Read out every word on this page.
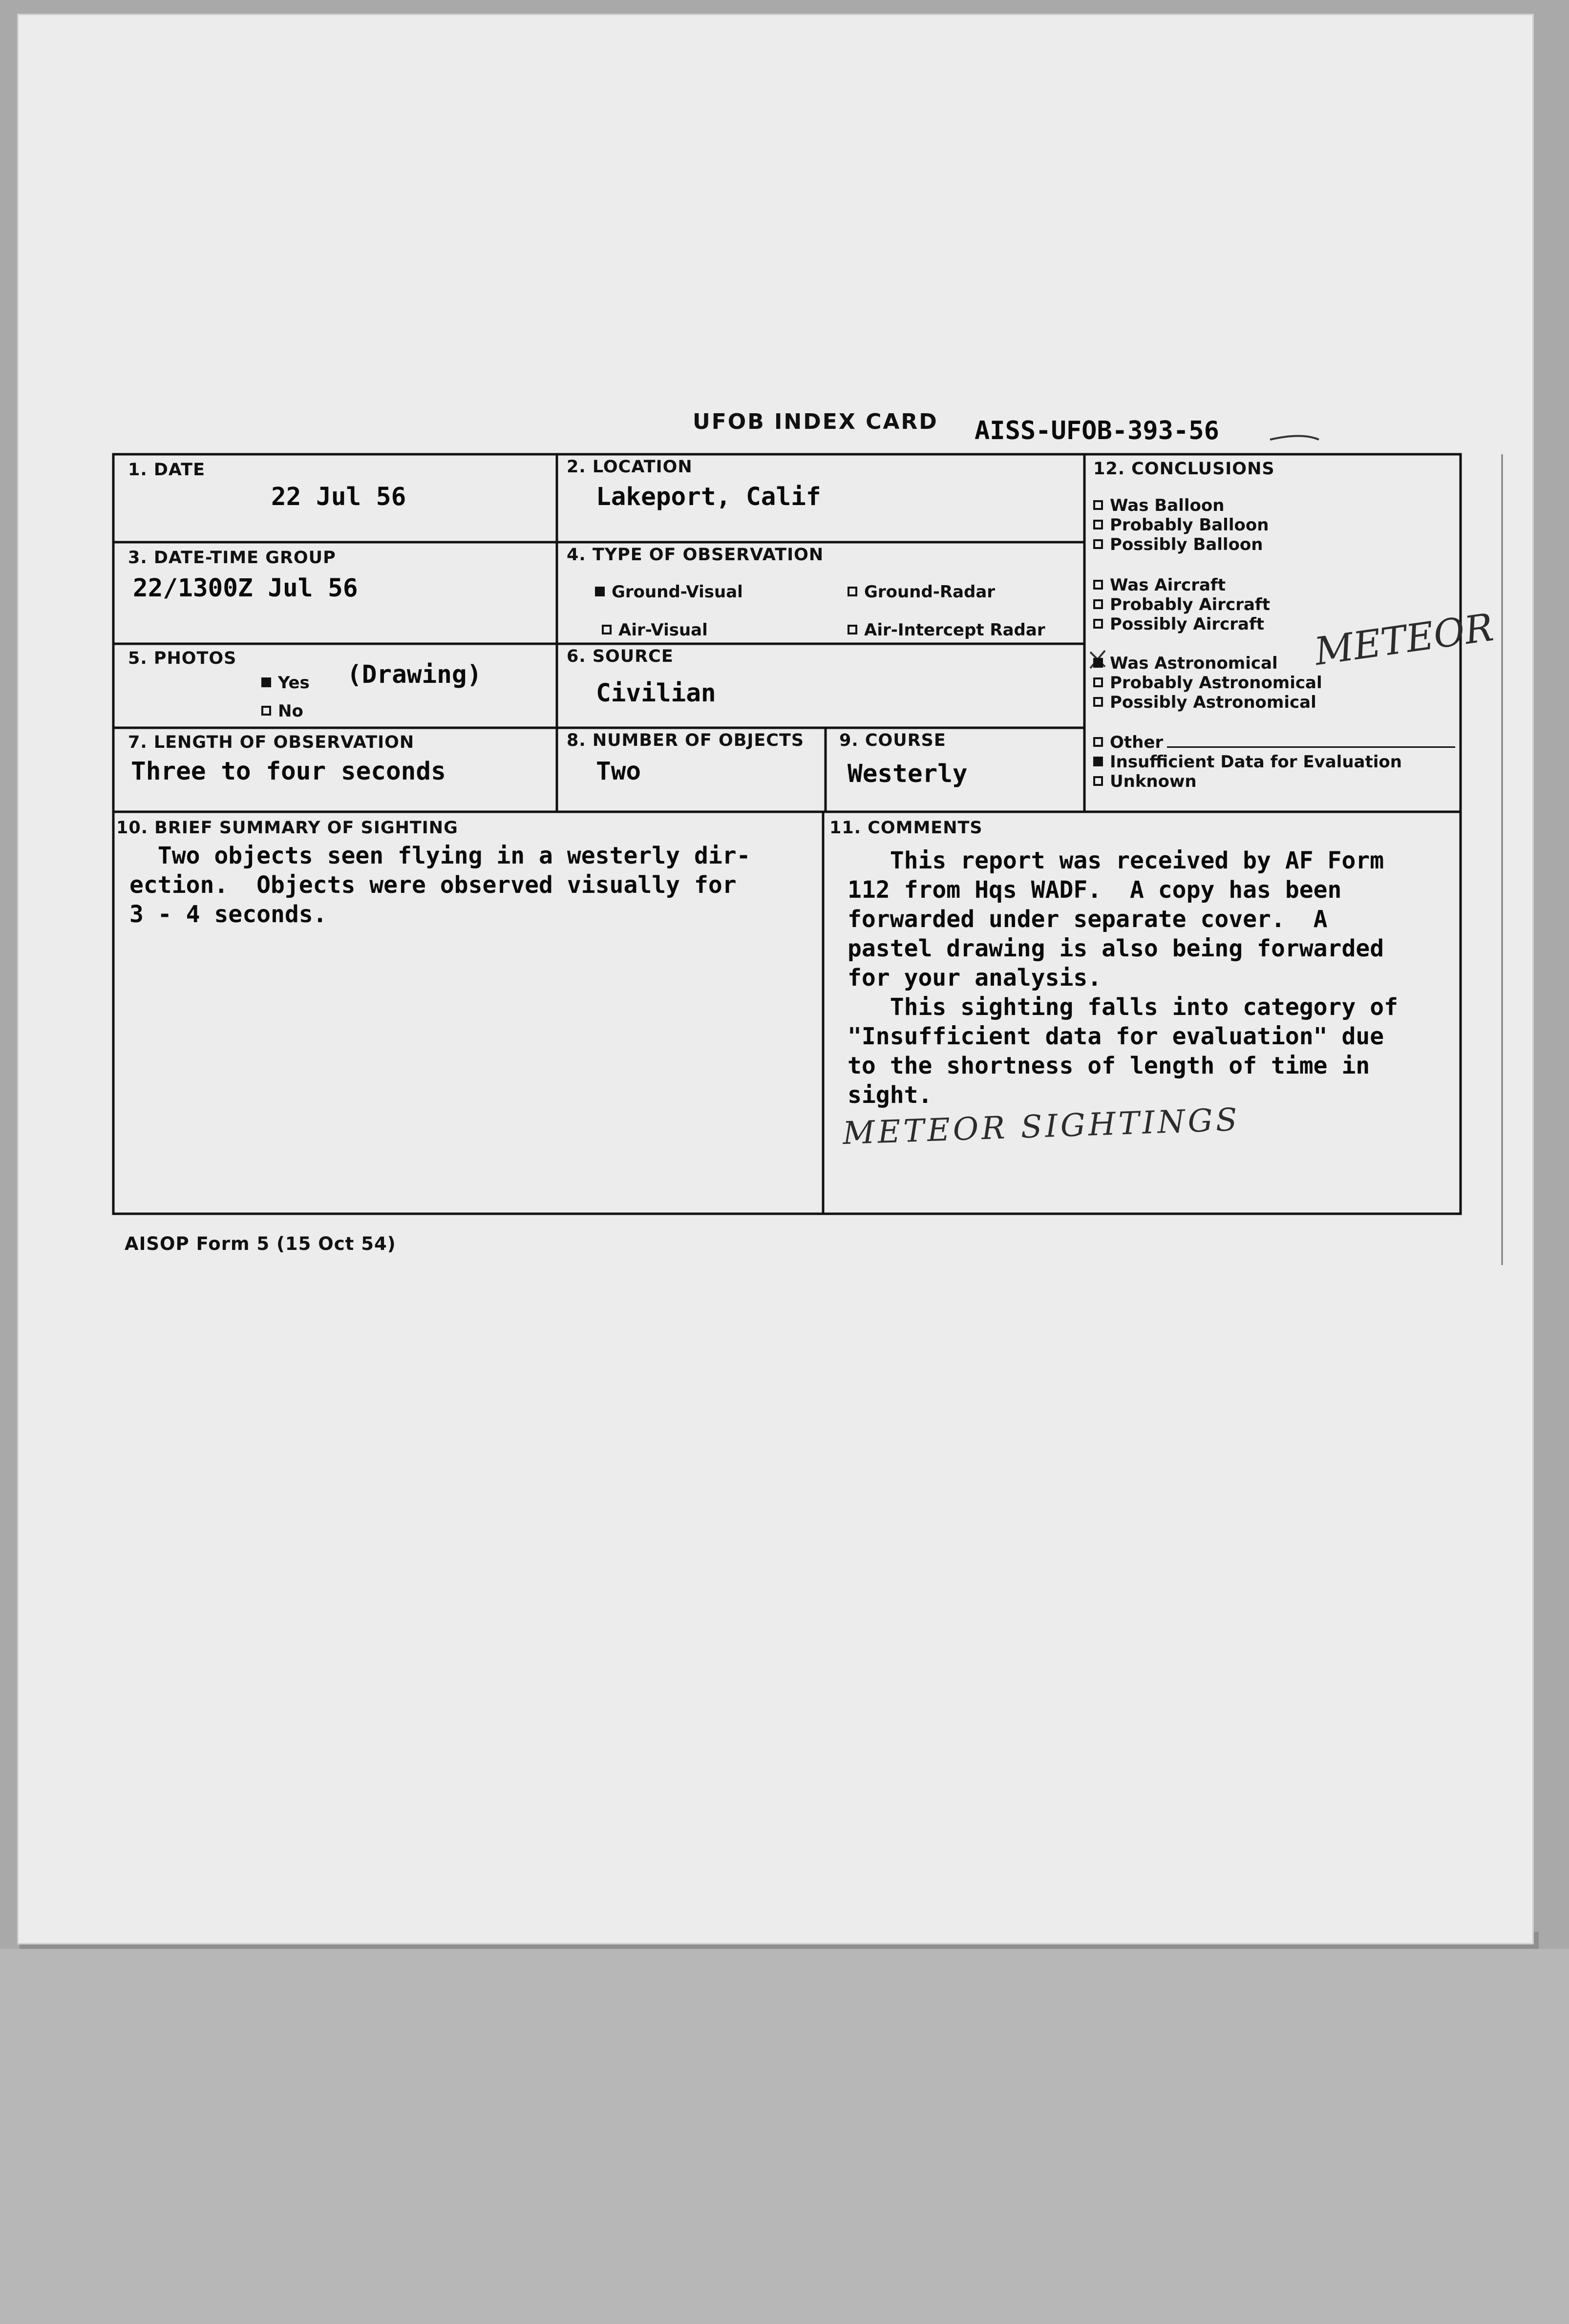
UFOB INDEX CARD AISS-UFOB-393-56
1. DATE
22 Jul 56
2. LOCATION
Lakeport, Calif
3. DATE-TIME GROUP
22/1300Z Jul 56
4. TYPE OF OBSERVATION
Ground-Visual	Ground-Radar
Air-Visual	Air-Intercept Radar
5. PHOTOS
Yes (Drawing)
No
6. SOURCE
Civilian
7. LENGTH OF OBSERVATION
Three to four seconds
8. NUMBER OF OBJECTS
Two
9. COURSE
Westerly
12. CONCLUSIONS
METEOR
10. BRIEF SUMMARY OF SIGHTING
Two objects seen flying in a westerly dir-
ection.  Objects were observed visually for
3 - 4 seconds.
11. COMMENTS
This report was received by AF Form
112 from Hqs WADF.  A copy has been
forwarded under separate cover.  A
pastel drawing is also being forwarded
for your analysis.
This sighting falls into category of
"Insufficient data for evaluation" due
to the shortness of length of time in
sight.
METEOR SIGHTINGS
AISOP Form 5 (15 Oct 54)
Was Balloon
Probably Balloon
Possibly Balloon
Was Aircraft
Probably Aircraft
Possibly Aircraft
Was Astronomical
Probably Astronomical
Possibly Astronomical
Other
Insufficient Data for Evaluation
Unknown
